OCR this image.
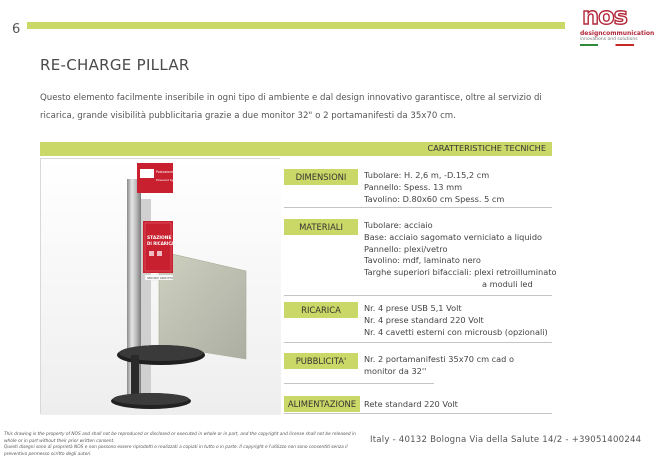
6	nos
designcommunication
innovations and solutions
RE-CHARGE PILLAR

Questo elemento facilmente inseribile in ogni tipo di ambiente e dal design innovativo garantisce, oltre al servizio di ricarica, grande visibilità pubblicitaria grazie a due monitor 32" o 2 portamanifesti da 35x70 cm.

CARATTERISTICHE TECNICHE
Postazione di ricarica
Powered by
STAZIONE
DI RICARICA
SERVIZIO GRATUITO
DIMENSIONI	Tubolare: H. 2,6 m, -D.15,2 cm
Pannello: Spess. 13 mm
Tavolino: D.80x60 cm Spess. 5 cm
MATERIALI	Tubolare: acciaio
Base: acciaio sagomato verniciato a liquido
Pannello: plexi/vetro
Tavolino: mdf, laminato nero
Targhe superiori bifacciali: plexi retroilluminato
a moduli led
RICARICA	Nr. 4 prese USB 5,1 Volt
Nr. 4 prese standard 220 Volt
Nr. 4 cavetti esterni con microusb (opzionali)
PUBBLICITA'	Nr. 2 portamanifesti 35x70 cm cad o
monitor da 32''
ALIMENTAZIONE Rete standard 220 Volt
This drawing is the property of NOS and shall not be reproduced or disclosed or executed in whole or in part, and the copyright and license shall not be released in whole or in part without their prior written consent.
Questi disegni sono di proprietà NOS e non possono essere riprodotti o realizzati a copiati in tutto o in parte. Il copyright e l'utilizzo non sono consentiti senza il preventivo permesso scritto degli autori.
Italy - 40132 Bologna Via della Salute 14/2 - +39051400244
